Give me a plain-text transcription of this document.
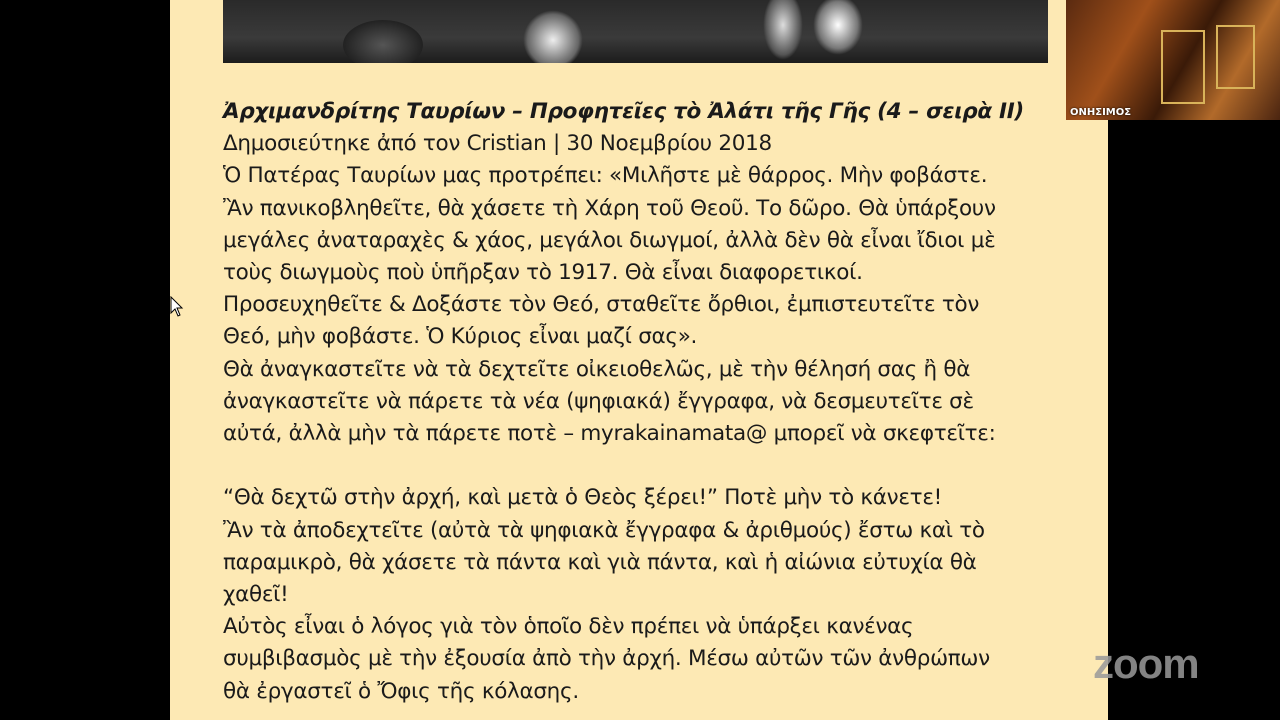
Ἀρχιμανδρίτης Ταυρίων – Προφητεῖες τὸ Ἀλάτι τῆς Γῆς (4 – σειρὰ ΙΙ)

Δημοσιεύτηκε ἀπό τον Cristian | 30 Νοεμβρίου 2018

Ὁ Πατέρας Ταυρίων μας προτρέπει: «Μιλῆστε μὲ θάρρος. Μὴν φοβάστε.

Ἂν πανικοβληθεῖτε, θὰ χάσετε τὴ Χάρη τοῦ Θεοῦ. Το δῶρο. Θὰ ὑπάρξουν

μεγάλες ἀναταραχὲς & χάος, μεγάλοι διωγμοί, ἀλλὰ δὲν θὰ εἶναι ἴδιοι μὲ

τοὺς διωγμοὺς ποὺ ὑπῆρξαν τὸ 1917. Θὰ εἶναι διαφορετικοί.

Προσευχηθεῖτε & Δοξάστε τὸν Θεό, σταθεῖτε ὄρθιοι, ἐμπιστευτεῖτε τὸν

Θεό, μὴν φοβάστε. Ὁ Κύριος εἶναι μαζί σας».

Θὰ ἀναγκαστεῖτε νὰ τὰ δεχτεῖτε οἰκειοθελῶς, μὲ τὴν θέλησή σας ἢ θὰ

ἀναγκαστεῖτε νὰ πάρετε τὰ νέα (ψηφιακά) ἔγγραφα, νὰ δεσμευτεῖτε σὲ

αὐτά, ἀλλὰ μὴν τὰ πάρετε ποτὲ – myrakainamata@ μπορεῖ νὰ σκεφτεῖτε:

“Θὰ δεχτῶ στὴν ἀρχή, καὶ μετὰ ὁ Θεὸς ξέρει!” Ποτὲ μὴν τὸ κάνετε!

Ἂν τὰ ἀποδεχτεῖτε (αὐτὰ τὰ ψηφιακὰ ἔγγραφα & ἀριθμούς) ἔστω καὶ τὸ

παραμικρὸ, θὰ χάσετε τὰ πάντα καὶ γιὰ πάντα, καὶ ἡ αἰώνια εὐτυχία θὰ

χαθεῖ!

Αὐτὸς εἶναι ὁ λόγος γιὰ τὸν ὁποῖο δὲν πρέπει νὰ ὑπάρξει κανένας

συμβιβασμὸς μὲ τὴν ἐξουσία ἀπὸ τὴν ἀρχή. Μέσω αὐτῶν τῶν ἀνθρώπων

θὰ ἐργαστεῖ ὁ Ὄφις τῆς κόλασης.

ΟΝΗΣΙΜΟΣ
zoom
